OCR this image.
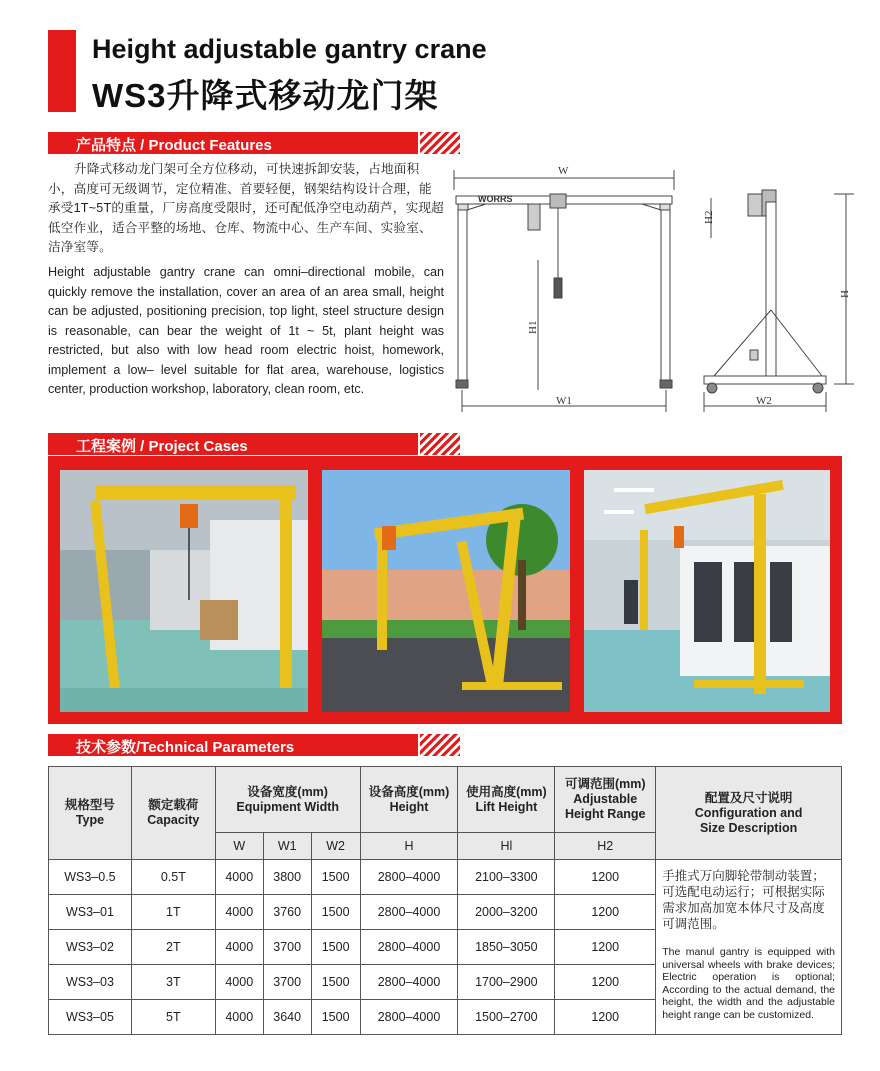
Height adjustable gantry crane
WS3升降式移动龙门架
产品特点 / Product Features
升降式移动龙门架可全方位移动，可快速拆卸安装，占地面积小，高度可无级调节，定位精准、首要轻便，钢架结构设计合理，能承受1T~5T的重量，厂房高度受限时，还可配低净空电动葫芦，实现超低空作业，适合平整的场地、仓库、物流中心、生产车间、实验室、洁净室等。
Height adjustable gantry crane can omni–directional mobile, can quickly remove the installation, cover an area of an area small, height can be adjusted, positioning precision, top light, steel structure design is reasonable, can bear the weight of 1t ~ 5t, plant height was restricted, but also with low head room electric hoist, homework, implement a low– level suitable for flat area, warehouse, logistics center, production workshop, laboratory, clean room, etc.
W
WORRS
H1
W1
H2
H
W2
工程案例 / Project Cases
技术参数/Technical Parameters
规格型号
Type	额定载荷
Capacity	设备宽度(mm)
Equipment Width			设备高度(mm)
Height	使用高度(mm)
Lift Height	可调范围(mm)
Adjustable
Height Range	配置及尺寸说明
Configuration and
Size Description
		W	W1	W2	H	Hl	H2	
WS3–0.5	0.5T	4000	3800	1500	2800–4000	2100–3300	1200	手推式万向脚轮带制动装置；可选配电动运行；可根据实际需求加高加宽本体尺寸及高度可调范围。
The manul gantry is equipped with universal wheels with brake devices; Electric operation is optional; According to the actual demand, the height, the width and the adjustable height range can be customized.

WS3–01	1T	4000	3760	1500	2800–4000	2000–3200	1200	
WS3–02	2T	4000	3700	1500	2800–4000	1850–3050	1200	
WS3–03	3T	4000	3700	1500	2800–4000	1700–2900	1200	
WS3–05	5T	4000	3640	1500	2800–4000	1500–2700	1200	
